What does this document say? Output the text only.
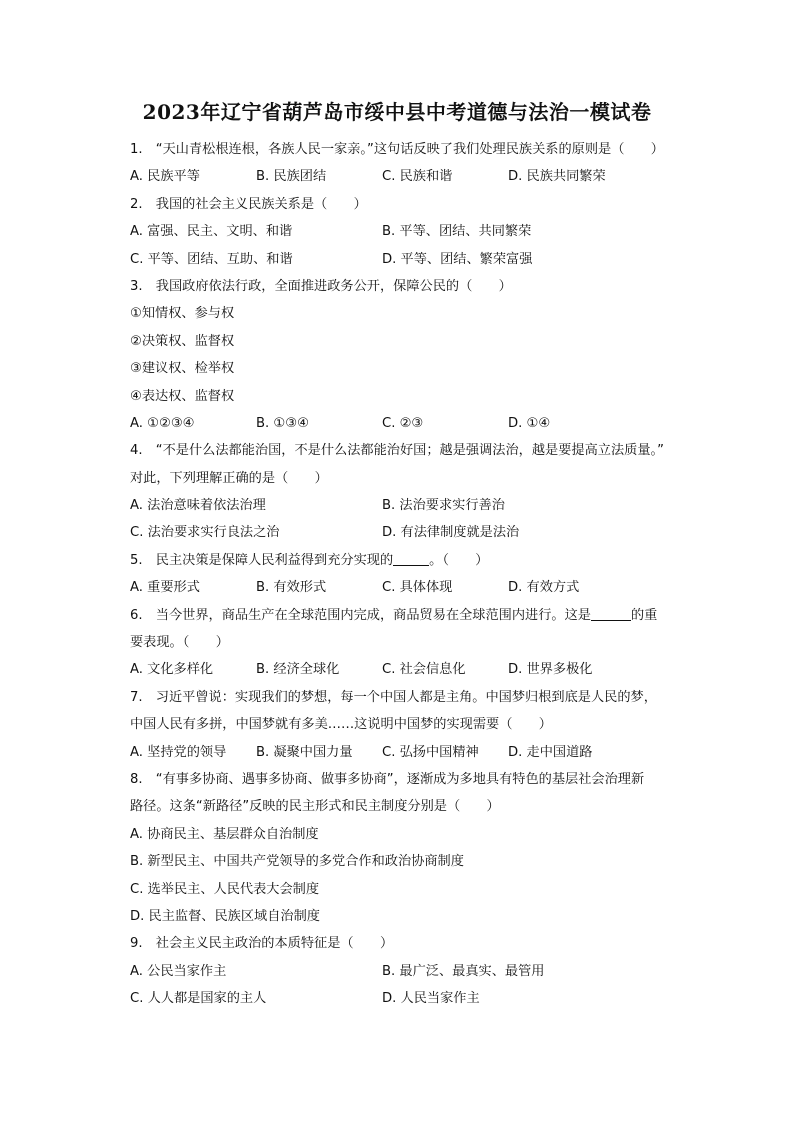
2023年辽宁省葫芦岛市绥中县中考道德与法治一模试卷
1.　“天山青松根连根，各族人民一家亲。”这句话反映了我们处理民族关系的原则是（　　）
A. 民族平等	B. 民族团结	C. 民族和谐	D. 民族共同繁荣
2.　我国的社会主义民族关系是（　　）
A. 富强、民主、文明、和谐	B. 平等、团结、共同繁荣
C. 平等、团结、互助、和谐	D. 平等、团结、繁荣富强
3.　我国政府依法行政，全面推进政务公开，保障公民的（　　）
①知情权、参与权
②决策权、监督权
③建议权、检举权
④表达权、监督权
A. ①②③④	B. ①③④	C. ②③	D. ①④
4.　“不是什么法都能治国，不是什么法都能治好国；越是强调法治，越是要提高立法质量。”
对此，下列理解正确的是（　　）
A. 法治意味着依法治理	B. 法治要求实行善治
C. 法治要求实行良法之治	D. 有法律制度就是法治
5.　民主决策是保障人民利益得到充分实现的	。（　　）
A. 重要形式	B. 有效形式	C. 具体体现	D. 有效方式
6.　当今世界，商品生产在全球范围内完成，商品贸易在全球范围内进行。这是	的重
要表现。（　　）
A. 文化多样化	B. 经济全球化	C. 社会信息化	D. 世界多极化
7.　习近平曾说：实现我们的梦想，每一个中国人都是主角。中国梦归根到底是人民的梦，
中国人民有多拼，中国梦就有多美……这说明中国梦的实现需要（　　）
A. 坚持党的领导	B. 凝聚中国力量	C. 弘扬中国精神	D. 走中国道路
8.　“有事多协商、遇事多协商、做事多协商”，逐渐成为多地具有特色的基层社会治理新
路径。这条“新路径”反映的民主形式和民主制度分别是（　　）
A. 协商民主、基层群众自治制度
B. 新型民主、中国共产党领导的多党合作和政治协商制度
C. 选举民主、人民代表大会制度
D. 民主监督、民族区域自治制度
9.　社会主义民主政治的本质特征是（　　）
A. 公民当家作主	B. 最广泛、最真实、最管用
C. 人人都是国家的主人	D. 人民当家作主
